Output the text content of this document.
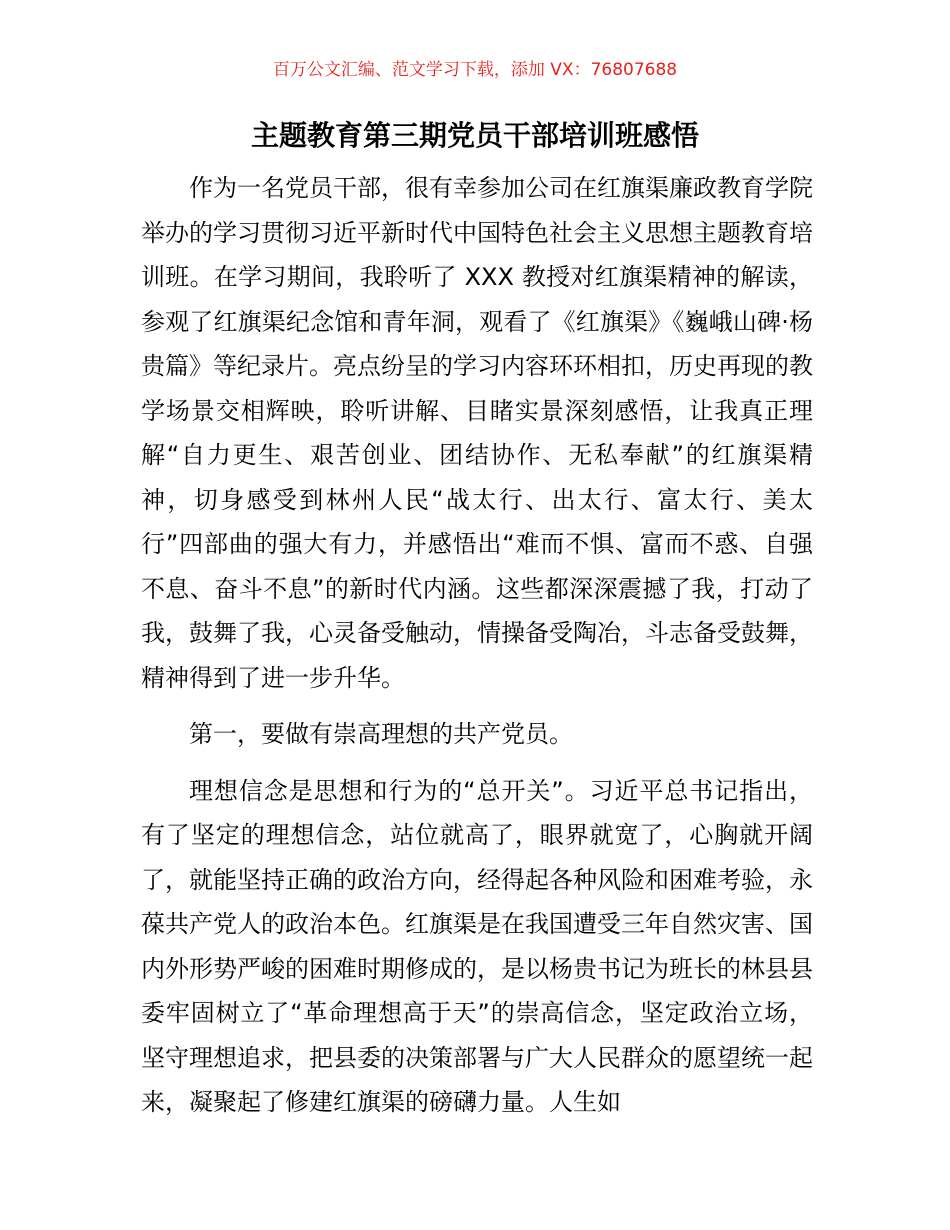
百万公文汇编、范文学习下载，添加 VX：76807688
主题教育第三期党员干部培训班感悟

作为一名党员干部，很有幸参加公司在红旗渠廉政教育学院举办的学习贯彻习近平新时代中国特色社会主义思想主题教育培训班。在学习期间，我聆听了 XXX 教授对红旗渠精神的解读，参观了红旗渠纪念馆和青年洞，观看了《红旗渠》《巍峨山碑·杨贵篇》等纪录片。亮点纷呈的学习内容环环相扣，历史再现的教学场景交相辉映，聆听讲解、目睹实景深刻感悟，让我真正理解“自力更生、艰苦创业、团结协作、无私奉献”的红旗渠精神，切身感受到林州人民“战太行、出太行、富太行、美太行”四部曲的强大有力，并感悟出“难而不惧、富而不惑、自强不息、奋斗不息”的新时代内涵。这些都深深震撼了我，打动了我，鼓舞了我，心灵备受触动，情操备受陶冶，斗志备受鼓舞，精神得到了进一步升华。

第一，要做有崇高理想的共产党员。

理想信念是思想和行为的“总开关”。习近平总书记指出，有了坚定的理想信念，站位就高了，眼界就宽了，心胸就开阔了，就能坚持正确的政治方向，经得起各种风险和困难考验，永葆共产党人的政治本色。红旗渠是在我国遭受三年自然灾害、国内外形势严峻的困难时期修成的，是以杨贵书记为班长的林县县委牢固树立了“革命理想高于天”的崇高信念，坚定政治立场，坚守理想追求，把县委的决策部署与广大人民群众的愿望统一起来，凝聚起了修建红旗渠的磅礴力量。人生如
